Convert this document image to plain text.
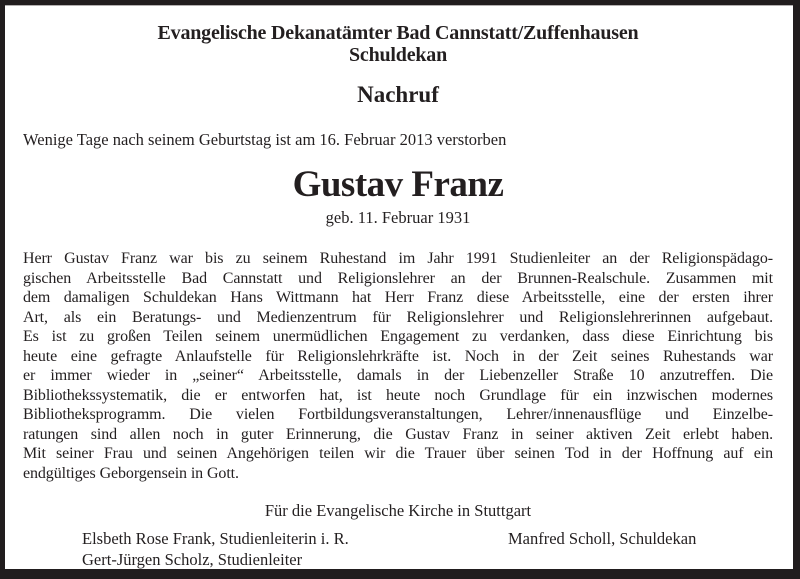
Evangelische Dekanatämter Bad Cannstatt/Zuffenhausen
Schuldekan
Nachruf
Wenige Tage nach seinem Geburtstag ist am 16. Februar 2013 verstorben
Gustav Franz
geb. 11. Februar 1931
Herr Gustav Franz war bis zu seinem Ruhestand im Jahr 1991 Studienleiter an der Religionspädago-
gischen Arbeitsstelle Bad Cannstatt und Religionslehrer an der Brunnen-Realschule. Zusammen mit
dem damaligen Schuldekan Hans Wittmann hat Herr Franz diese Arbeitsstelle, eine der ersten ihrer
Art, als ein Beratungs- und Medienzentrum für Religionslehrer und Religionslehrerinnen aufgebaut.
Es ist zu großen Teilen seinem unermüdlichen Engagement zu verdanken, dass diese Einrichtung bis
heute eine gefragte Anlaufstelle für Religionslehrkräfte ist. Noch in der Zeit seines Ruhestands war
er immer wieder in „seiner“ Arbeitsstelle, damals in der Liebenzeller Straße 10 anzutreffen. Die
Bibliothekssystematik, die er entworfen hat, ist heute noch Grundlage für ein inzwischen modernes
Bibliotheksprogramm. Die vielen Fortbildungsveranstaltungen, Lehrer/innenausflüge und Einzelbe-
ratungen sind allen noch in guter Erinnerung, die Gustav Franz in seiner aktiven Zeit erlebt haben.
Mit seiner Frau und seinen Angehörigen teilen wir die Trauer über seinen Tod in der Hoffnung auf ein
endgültiges Geborgensein in Gott.
Für die Evangelische Kirche in Stuttgart
Elsbeth Rose Frank, Studienleiterin i. R.
Gert-Jürgen Scholz, Studienleiter
Manfred Scholl, Schuldekan
